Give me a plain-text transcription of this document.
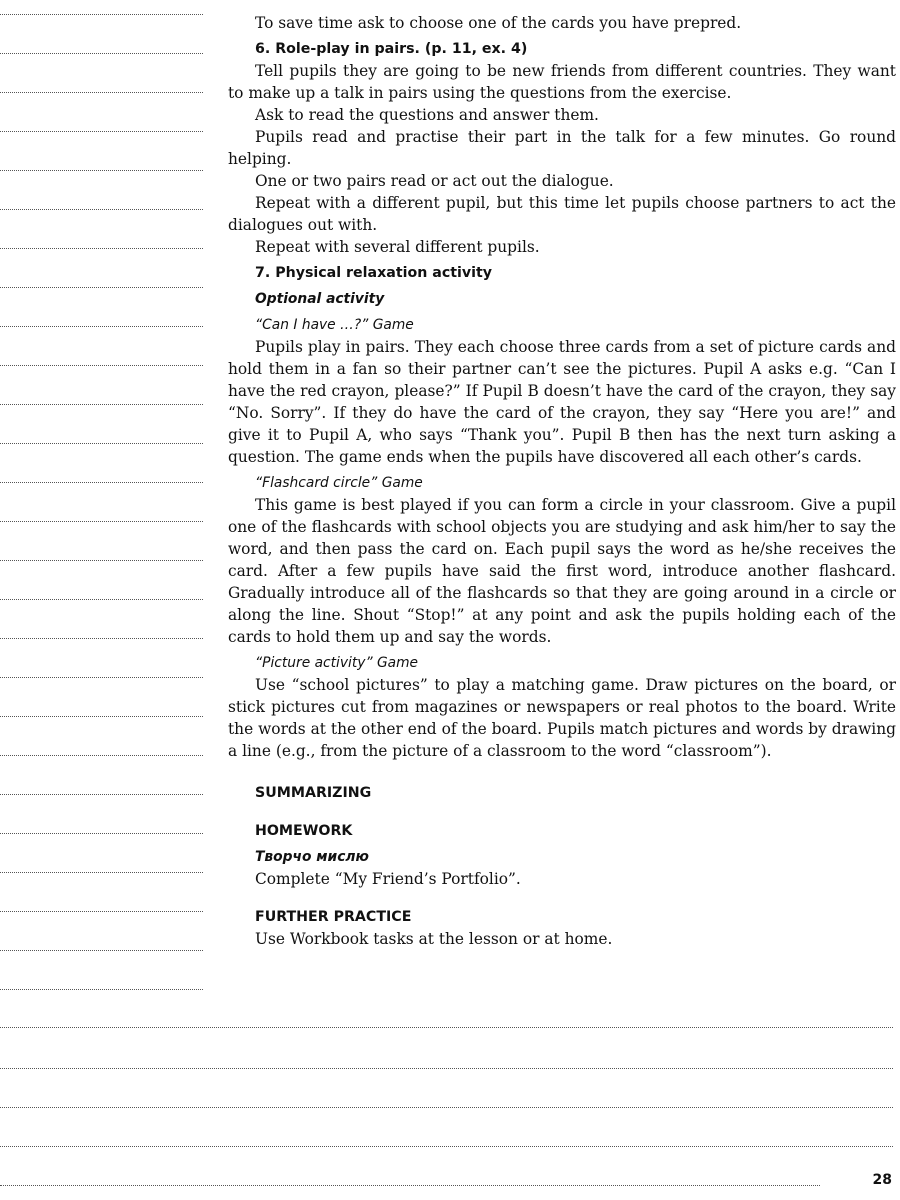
To save time ask to choose one of the cards you have prepred.

6. Role-play in pairs. (p. 11, ex. 4)

Tell pupils they are going to be new friends from different countries. They want to make up a talk in pairs using the questions from the exercise.

Ask to read the questions and answer them.

Pupils read and practise their part in the talk for a few minutes. Go round helping.

One or two pairs read or act out the dialogue.

Repeat with a different pupil, but this time let pupils choose partners to act the dialogues out with.

Repeat with several different pupils.

7. Physical relaxation activity

Optional activity

“Can I have …?” Game

Pupils play in pairs. They each choose three cards from a set of picture cards and hold them in a fan so their partner can’t see the pictures. Pupil A asks e.g. “Can I have the red crayon, please?” If Pupil B doesn’t have the card of the crayon, they say “No. Sorry”. If they do have the card of the crayon, they say “Here you are!” and give it to Pupil A, who says “Thank you”. Pupil B then has the next turn asking a question. The game ends when the pupils have discovered all each other’s cards.

“Flashcard circle” Game

This game is best played if you can form a circle in your classroom. Give a pupil one of the flashcards with school objects you are studying and ask him/her to say the word, and then pass the card on. Each pupil says the word as he/she receives the card. After a few pupils have said the first word, introduce another flashcard. Gradually introduce all of the flashcards so that they are going around in a circle or along the line. Shout “Stop!” at any point and ask the pupils holding each of the cards to hold them up and say the words.

“Picture activity” Game

Use “school pictures” to play a matching game. Draw pictures on the board, or stick pictures cut from magazines or newspapers or real photos to the board. Write the words at the other end of the board. Pupils match pictures and words by drawing a line (e.g., from the picture of a classroom to the word “classroom”).

SUMMARIZING

HOMEWORK

Творчо мислю

Complete “My Friend’s Portfolio”.

FURTHER PRACTICE

Use Workbook tasks at the lesson or at home.

28
